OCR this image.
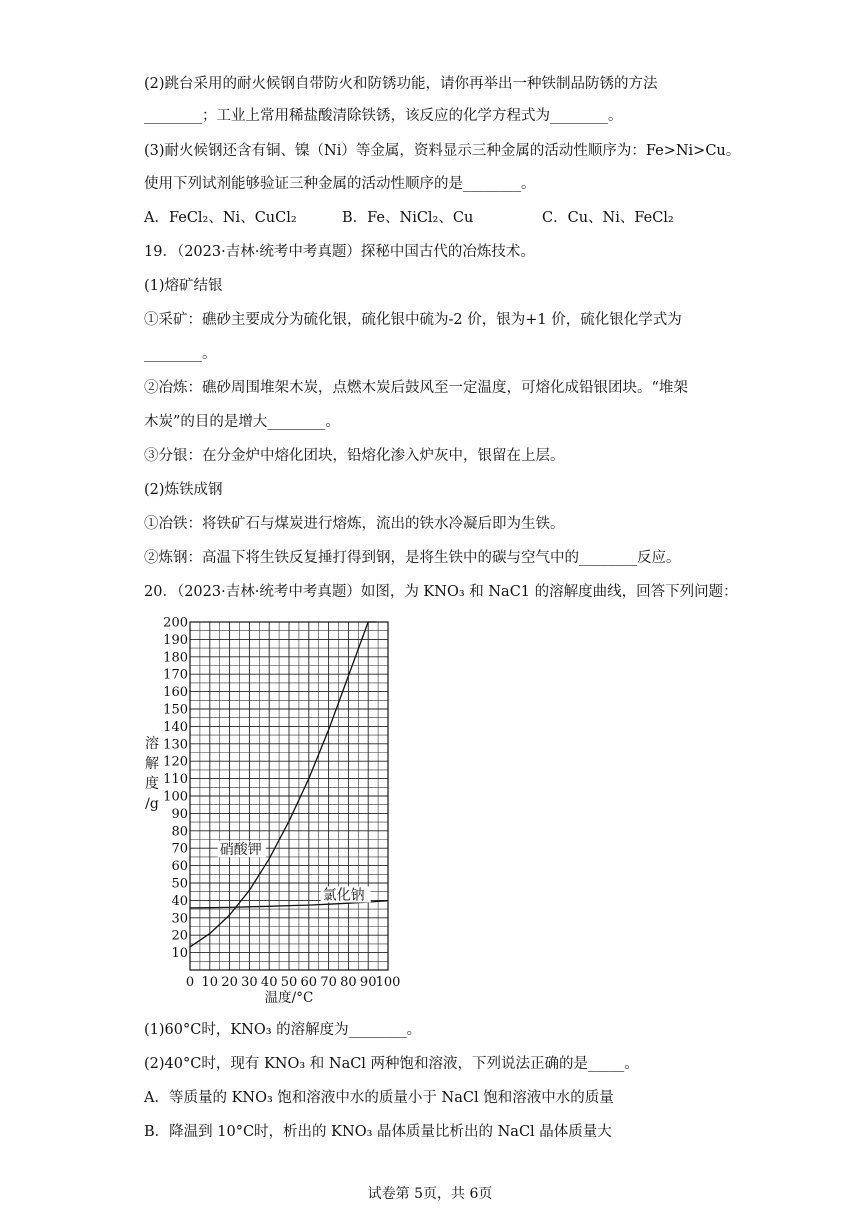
(2)跳台采用的耐火候钢自带防火和防锈功能，请你再举出一种铁制品防锈的方法
________；工业上常用稀盐酸清除铁锈，该反应的化学方程式为________。
(3)耐火候钢还含有铜、镍（Ni）等金属，资料显示三种金属的活动性顺序为：Fe>Ni>Cu。
使用下列试剂能够验证三种金属的活动性顺序的是________。
A．FeCl₂、Ni、CuCl₂	B．Fe、NiCl₂、Cu	C．Cu、Ni、FeCl₂
19．（2023·吉林·统考中考真题）探秘中国古代的冶炼技术。
(1)熔矿结银
①采矿：礁砂主要成分为硫化银，硫化银中硫为-2 价，银为+1 价，硫化银化学式为
________。
②冶炼：礁砂周围堆架木炭，点燃木炭后鼓风至一定温度，可熔化成铅银团块。“堆架
木炭”的目的是增大________。
③分银：在分金炉中熔化团块，铅熔化渗入炉灰中，银留在上层。
(2)炼铁成钢
①冶铁：将铁矿石与煤炭进行熔炼，流出的铁水冷凝后即为生铁。
②炼钢：高温下将生铁反复捶打得到钢，是将生铁中的碳与空气中的________反应。
20．（2023·吉林·统考中考真题）如图，为 KNO₃ 和 NaC1 的溶解度曲线，回答下列问题：
10
20
30
40
50
60
70
80
90
100
110
120
130
140
150
160
170
180
190
200
0 10 20 30 40 50 60 70 80 90 100
温度/°C
溶
解
度
/g
硝酸钾
氯化钠
(1)60°C时，KNO₃ 的溶解度为________。
(2)40°C时，现有 KNO₃ 和 NaCl 两种饱和溶液，下列说法正确的是_____。
A．等质量的 KNO₃ 饱和溶液中水的质量小于 NaCl 饱和溶液中水的质量
B．降温到 10°C时，析出的 KNO₃ 晶体质量比析出的 NaCl 晶体质量大
试卷第 5页，共 6页
